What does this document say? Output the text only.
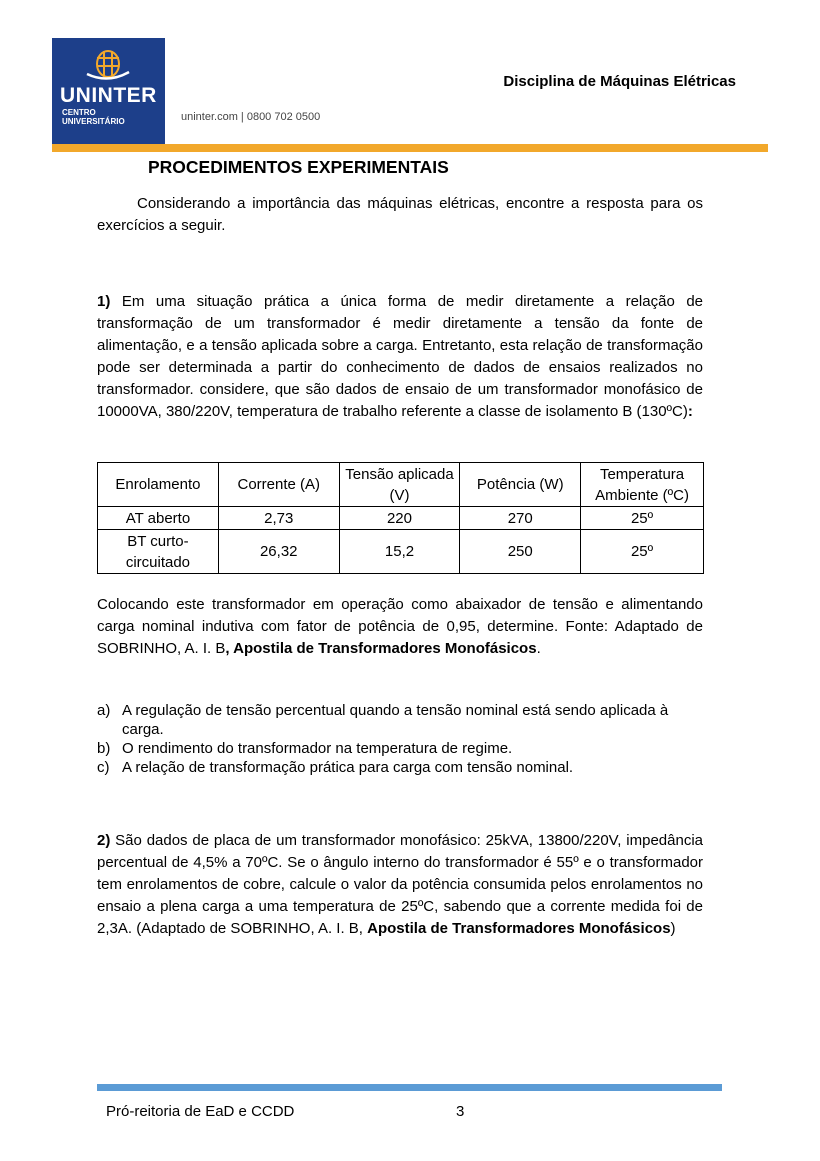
UNINTER
CENTRO
UNIVERSITÁRIO	uninter.com | 0800 702 0500
Disciplina de Máquinas Elétricas
PROCEDIMENTOS EXPERIMENTAIS
Considerando a importância das máquinas elétricas, encontre a resposta para os exercícios a seguir.
1) Em uma situação prática a única forma de medir diretamente a relação de transformação de um transformador é medir diretamente a tensão da fonte de alimentação, e a tensão aplicada sobre a carga. Entretanto, esta relação de transformação pode ser determinada a partir do conhecimento de dados de ensaios realizados no transformador. considere, que são dados de ensaio de um transformador monofásico de 10000VA, 380/220V, temperatura de trabalho referente a classe de isolamento B (130ºC):
Enrolamento	Corrente (A)	Tensão aplicada (V)	Potência (W)	Temperatura Ambiente (ºC)
AT aberto	2,73	220	270	25º
BT curto-circuitado	26,32	15,2	250	25º
Colocando este transformador em operação como abaixador de tensão e alimentando carga nominal indutiva com fator de potência de 0,95, determine. Fonte: Adaptado de SOBRINHO, A. I. B, Apostila de Transformadores Monofásicos.
a) A regulação de tensão percentual quando a tensão nominal está sendo aplicada à carga.
b) O rendimento do transformador na temperatura de regime.
c) A relação de transformação prática para carga com tensão nominal.
2) São dados de placa de um transformador monofásico: 25kVA, 13800/220V, impedância percentual de 4,5% a 70ºC. Se o ângulo interno do transformador é 55º e o transformador tem enrolamentos de cobre, calcule o valor da potência consumida pelos enrolamentos no ensaio a plena carga a uma temperatura de 25ºC, sabendo que a corrente medida foi de 2,3A. (Adaptado de SOBRINHO, A. I. B, Apostila de Transformadores Monofásicos)
Pró-reitoria de EaD e CCDD	3
